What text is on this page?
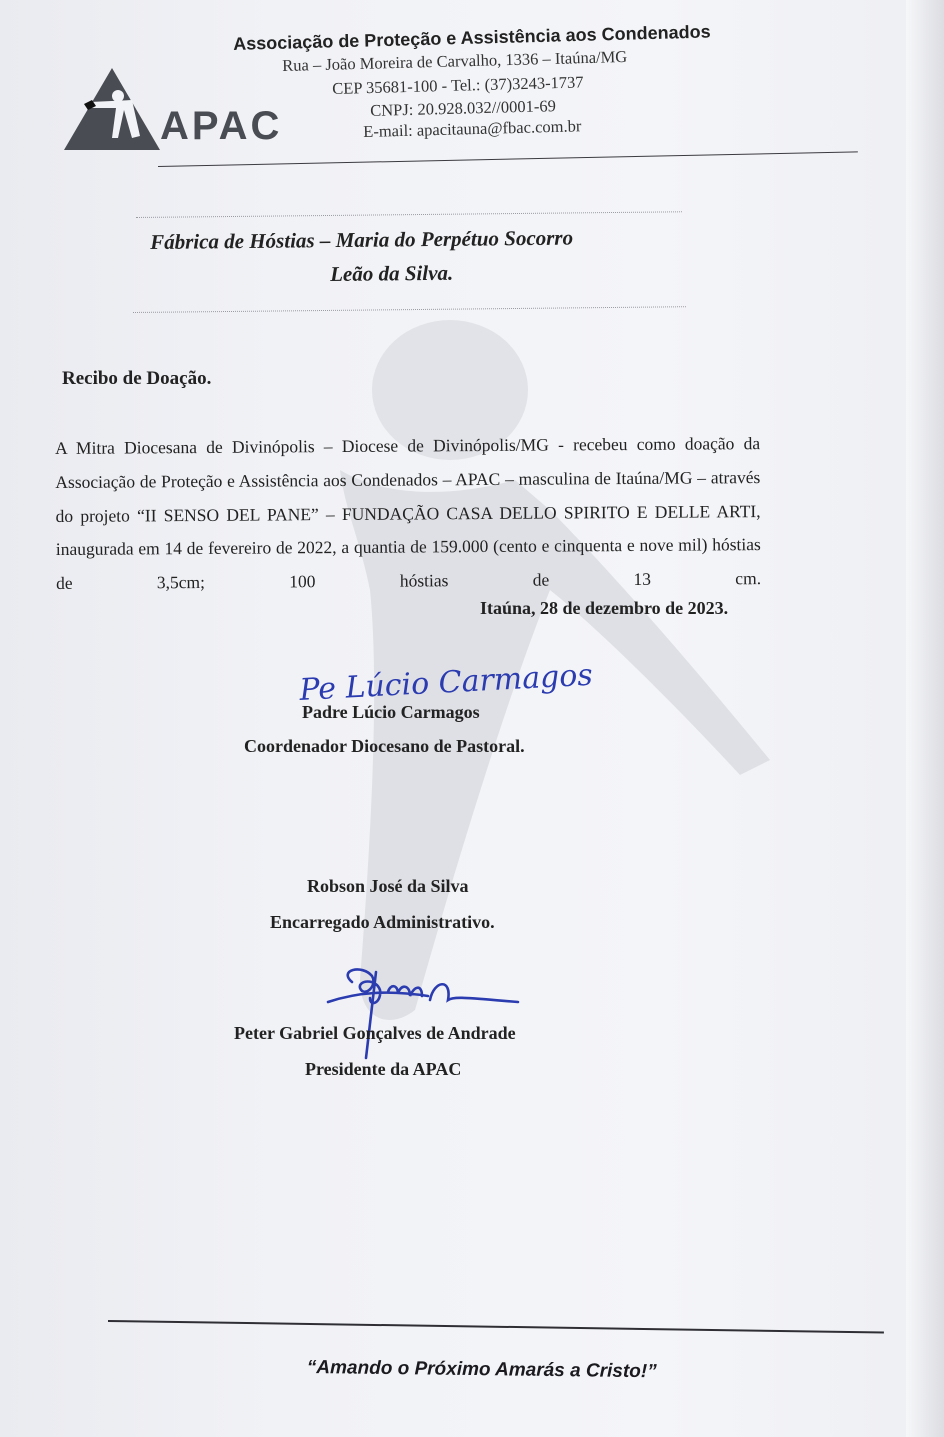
APAC
Associação de Proteção e Assistência aos Condenados
Rua – João Moreira de Carvalho, 1336 – Itaúna/MG
CEP 35681-100 - Tel.: (37)3243-1737
CNPJ: 20.928.032//0001-69
E-mail: apacitauna@fbac.com.br
Fábrica de Hóstias – Maria do Perpétuo Socorro
Leão da Silva.
Recibo de Doação.
A Mitra Diocesana de Divinópolis – Diocese de Divinópolis/MG - recebeu como doação da Associação de Proteção e Assistência aos Condenados – APAC – masculina de Itaúna/MG – através do projeto “II SENSO DEL PANE” – FUNDAÇÃO CASA DELLO SPIRITO E DELLE ARTI, inaugurada em 14 de fevereiro de 2022, a quantia de 159.000 (cento e cinquenta e nove mil) hóstias de 3,5cm; 100 hóstias de 13 cm.
Itaúna, 28 de dezembro de 2023.
Pe Lúcio Carmagos
Padre Lúcio Carmagos
Coordenador Diocesano de Pastoral.
Robson José da Silva
Encarregado Administrativo.
Peter Gabriel Gonçalves de Andrade
Presidente da APAC
“Amando o Próximo Amarás a Cristo!”
